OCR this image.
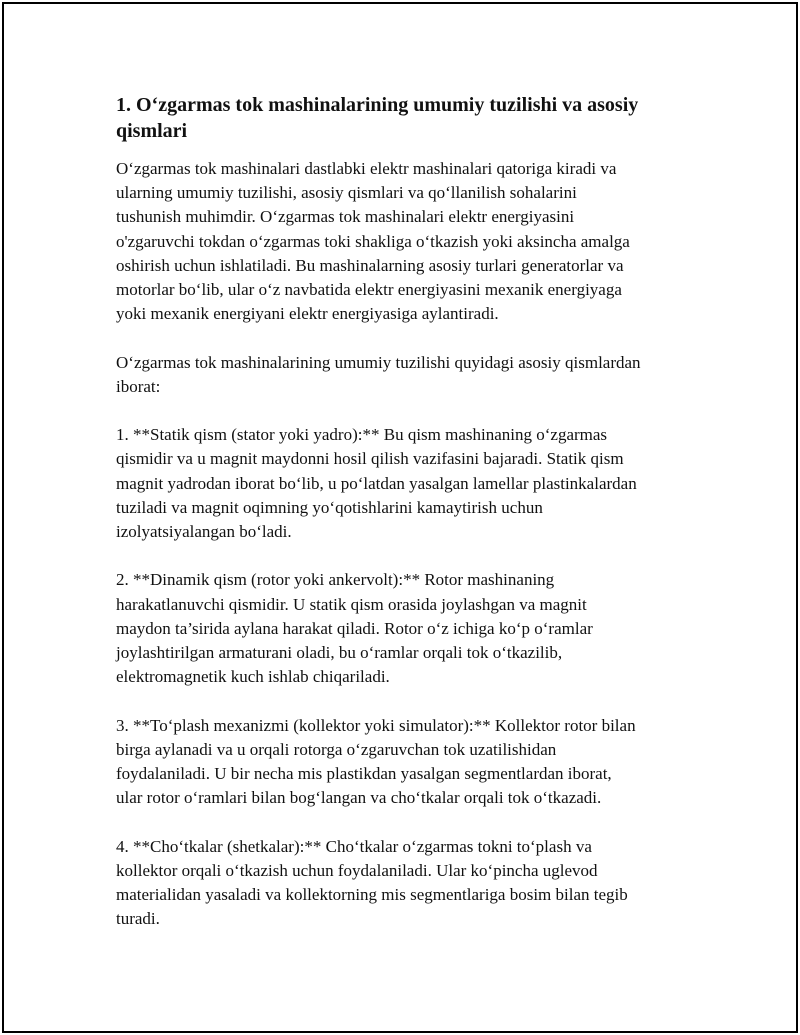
1. O‘zgarmas tok mashinalarining umumiy tuzilishi va asosiy
qismlari

O‘zgarmas tok mashinalari dastlabki elektr mashinalari qatoriga kiradi va
ularning umumiy tuzilishi, asosiy qismlari va qo‘llanilish sohalarini
tushunish muhimdir. O‘zgarmas tok mashinalari elektr energiyasini
o'zgaruvchi tokdan o‘zgarmas toki shakliga o‘tkazish yoki aksincha amalga
oshirish uchun ishlatiladi. Bu mashinalarning asosiy turlari generatorlar va
motorlar bo‘lib, ular o‘z navbatida elektr energiyasini mexanik energiyaga
yoki mexanik energiyani elektr energiyasiga aylantiradi.

O‘zgarmas tok mashinalarining umumiy tuzilishi quyidagi asosiy qismlardan
iborat:

1. **Statik qism (stator yoki yadro):** Bu qism mashinaning o‘zgarmas
qismidir va u magnit maydonni hosil qilish vazifasini bajaradi. Statik qism
magnit yadrodan iborat bo‘lib, u po‘latdan yasalgan lamellar plastinkalardan
tuziladi va magnit oqimning yo‘qotishlarini kamaytirish uchun
izolyatsiyalangan bo‘ladi.

2. **Dinamik qism (rotor yoki ankervolt):** Rotor mashinaning
harakatlanuvchi qismidir. U statik qism orasida joylashgan va magnit
maydon ta’sirida aylana harakat qiladi. Rotor o‘z ichiga ko‘p o‘ramlar
joylashtirilgan armaturani oladi, bu o‘ramlar orqali tok o‘tkazilib,
elektromagnetik kuch ishlab chiqariladi.

3. **To‘plash mexanizmi (kollektor yoki simulator):** Kollektor rotor bilan
birga aylanadi va u orqali rotorga o‘zgaruvchan tok uzatilishidan
foydalaniladi. U bir necha mis plastikdan yasalgan segmentlardan iborat,
ular rotor o‘ramlari bilan bog‘langan va cho‘tkalar orqali tok o‘tkazadi.

4. **Cho‘tkalar (shetkalar):** Cho‘tkalar o‘zgarmas tokni to‘plash va
kollektor orqali o‘tkazish uchun foydalaniladi. Ular ko‘pincha uglevod
materialidan yasaladi va kollektorning mis segmentlariga bosim bilan tegib
turadi.
